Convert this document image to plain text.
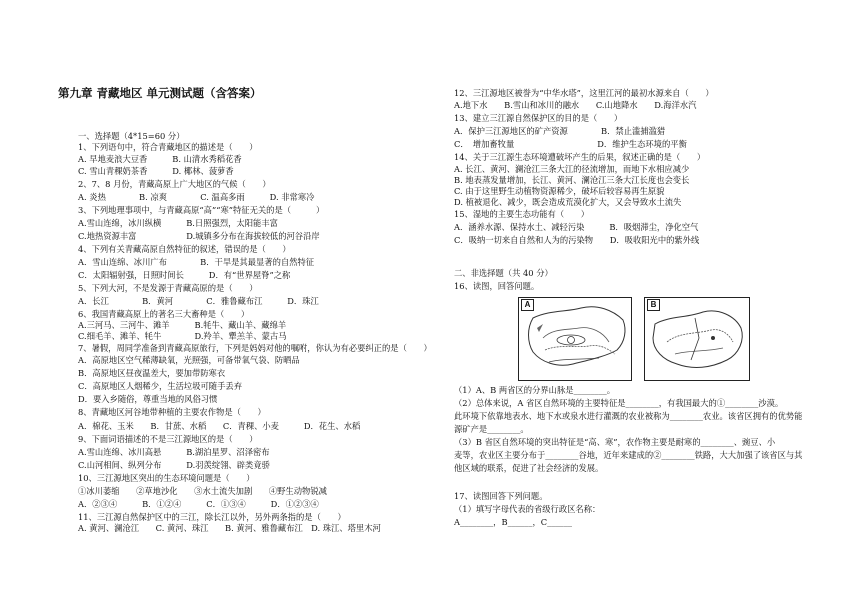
第九章 青藏地区 单元测试题（含答案）
一、选择题（4*15=60 分）
1、下列语句中，符合青藏地区的描述是（　　）
A. 早地麦浪大豆香　　　B. 山清水秀稻花香
C. 雪山青稞奶茶香　　　D. 椰林、菠萝香
2、7、8 月份，青藏高原上广大地区的气候（　　）
A. 炎热　　　　B. 凉爽　　　　C. 温高多雨　　　D. 非常寒冷
3、下列地理事项中，与青藏高原“高”“寒”特征无关的是（　　　）
A.雪山连绵，冰川纵横　　　B.日照强烈，太阳能丰富
C.地热资源丰富　　　　　　D.城镇多分布在海拔较低的河谷沿岸
4、下列有关青藏高原自然特征的叙述，错误的是（　　）
A．雪山连绵、冰川广布　　　　B．干旱是其最显著的自然特征
C．太阳辐射强，日照时间长　　　D．有“世界屋脊”之称
5、下列大河，不是发源于青藏高原的是（　　）
A．长江　　　　B．黄河　　　　C．雅鲁藏布江　　　D．珠江
6、我国青藏高原上的著名三大畜种是（　　）
A.三河马、三河牛、滩羊　　　B.牦牛、藏山羊、藏绵羊
C.细毛羊、滩羊、牦牛　　　　D.羚羊、犟羔羊、蒙古马
7、暑假，周同学准备到青藏高原旅行，下列是妈妈对他的嘱咐，你认为有必要纠正的是（　　）
A．高原地区空气稀薄缺氧，光照强，可备带氧气袋、防晒品
B．高原地区昼夜温差大，要加带防寒衣
C．高原地区人烟稀少，生活垃圾可随手丢弃
D．要入乡随俗，尊重当地的风俗习惯
8、青藏地区河谷地带种植的主要农作物是（　　）
A．棉花、玉米　　B．甘蔗、水稻　　C．青稞、小麦　　　D．花生、水稻
9、下面词语描述的不是三江源地区的是（　　）
A.雪山连绵、冰川高悬　　　B.湖泊星罗、沼泽密布
C.山河相间、纵列分布　　　D.羽羡绽翎、辟类竟骄
10、三江源地区突出的生态环境问题是（　　）
①冰川萎缩　　②草地沙化　　③水土流失加剧　　④野生动物锐减
A．②③④　　　B．①②④　　　C．①③④　　　D．①②③④
11、三江源自然保护区中的三江，除长江以外，另外两条指的是（　　）
A. 黄河、澜沧江　　C. 黄河、珠江　　B. 黄河、雅鲁藏布江　D. 珠江、塔里木河
A	B
12、三江源地区被誉为“中华水塔”，这里江河的最初水源来自（　　）
A.地下水　　B.雪山和冰川的融水　　C.山地降水　　D.海洋水汽
13、建立三江源自然保护区的目的是（　　）
A．保护三江源地区的矿产资源　　　　B．禁止滥捕滥猎
C．　增加畜牧量　　　　　　　　　　D．维护生态环境的平衡
14、关于三江源生态环境遭破坏产生的后果，叙述正确的是（　　）
A. 长江、黄河、澜沧江三条大江的径流增加，而地下水相应减少
B. 地表蒸发量增加，长江、黄河、澜沧江三条大江长度也会变长
C. 由于这里野生动植物资源稀少，破坏后较容易再生原貌
D. 植被退化、减少，既会造成荒漠化扩大，又会导致水土流失
15、湿地的主要生态功能有（　　）
A．涵养水源、保持水土、减轻污染　　　B．吸烟滞尘，净化空气
C．吸纳一切来自自然和人为的污染物　　D．吸收阳光中的紫外线
二、非选择题（共 40 分）
16、读图，回答问题。
（1）A、B 两省区的分界山脉是________。
（2）总体来说，A 省区自然环境的主要特征是________，有我国最大的①________沙漠。
此环境下依靠地表水、地下水或泉水进行灌溉的农业被称为________农业。该省区拥有的优势能
源矿产是________。
（3）B 省区自然环境的突出特征是“高、寒”，农作物主要是耐寒的________、豌豆、小
麦等，农业区主要分布于________谷地，近年来建成的②________铁路，大大加强了该省区与其
他区域的联系，促进了社会经济的发展。
17、读图回答下列问题。
（1）填写字母代表的省级行政区名称：
A________，B______，C______
